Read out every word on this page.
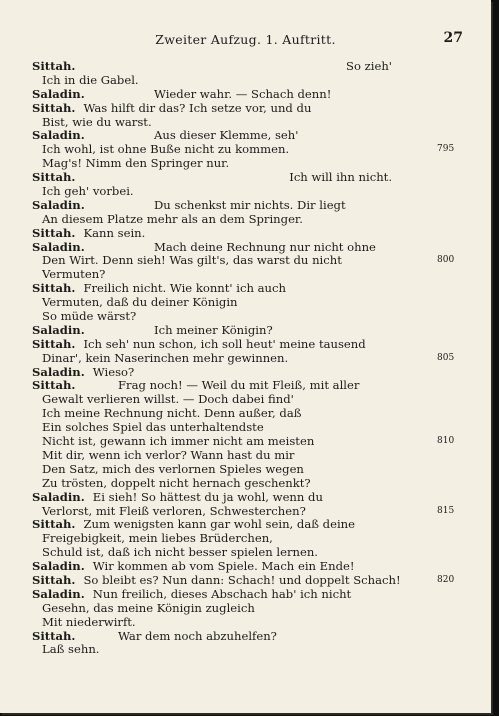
Zweiter Aufzug. 1. Auftritt.	27
Sittah.	So zieh'
Ich in die Gabel.
Saladin.	Wieder wahr. — Schach denn!
Sittah. Was hilft dir das? Ich setze vor, und du
Bist, wie du warst.
Saladin.	Aus dieser Klemme, seh'
Ich wohl, ist ohne Buße nicht zu kommen.	795
Mag's! Nimm den Springer nur.
Sittah.	Ich will ihn nicht.
Ich geh' vorbei.
Saladin.	Du schenkst mir nichts. Dir liegt
An diesem Platze mehr als an dem Springer.
Sittah. Kann sein.
Saladin.	Mach deine Rechnung nur nicht ohne
Den Wirt. Denn sieh! Was gilt's, das warst du nicht	800
Vermuten?
Sittah. Freilich nicht. Wie konnt' ich auch
Vermuten, daß du deiner Königin
So müde wärst?
Saladin.	Ich meiner Königin?
Sittah. Ich seh' nun schon, ich soll heut' meine tausend
Dinar', kein Naserinchen mehr gewinnen.	805
Saladin. Wieso?
Sittah.	Frag noch! — Weil du mit Fleiß, mit aller
Gewalt verlieren willst. — Doch dabei find'
Ich meine Rechnung nicht. Denn außer, daß
Ein solches Spiel das unterhaltendste
Nicht ist, gewann ich immer nicht am meisten	810
Mit dir, wenn ich verlor? Wann hast du mir
Den Satz, mich des verlornen Spieles wegen
Zu trösten, doppelt nicht hernach geschenkt?
Saladin. Ei sieh! So hättest du ja wohl, wenn du
Verlorst, mit Fleiß verloren, Schwesterchen?	815
Sittah. Zum wenigsten kann gar wohl sein, daß deine
Freigebigkeit, mein liebes Brüderchen,
Schuld ist, daß ich nicht besser spielen lernen.
Saladin. Wir kommen ab vom Spiele. Mach ein Ende!
Sittah. So bleibt es? Nun dann: Schach! und doppelt Schach!	820
Saladin. Nun freilich, dieses Abschach hab' ich nicht
Gesehn, das meine Königin zugleich
Mit niederwirft.
Sittah.	War dem noch abzuhelfen?
Laß sehn.
